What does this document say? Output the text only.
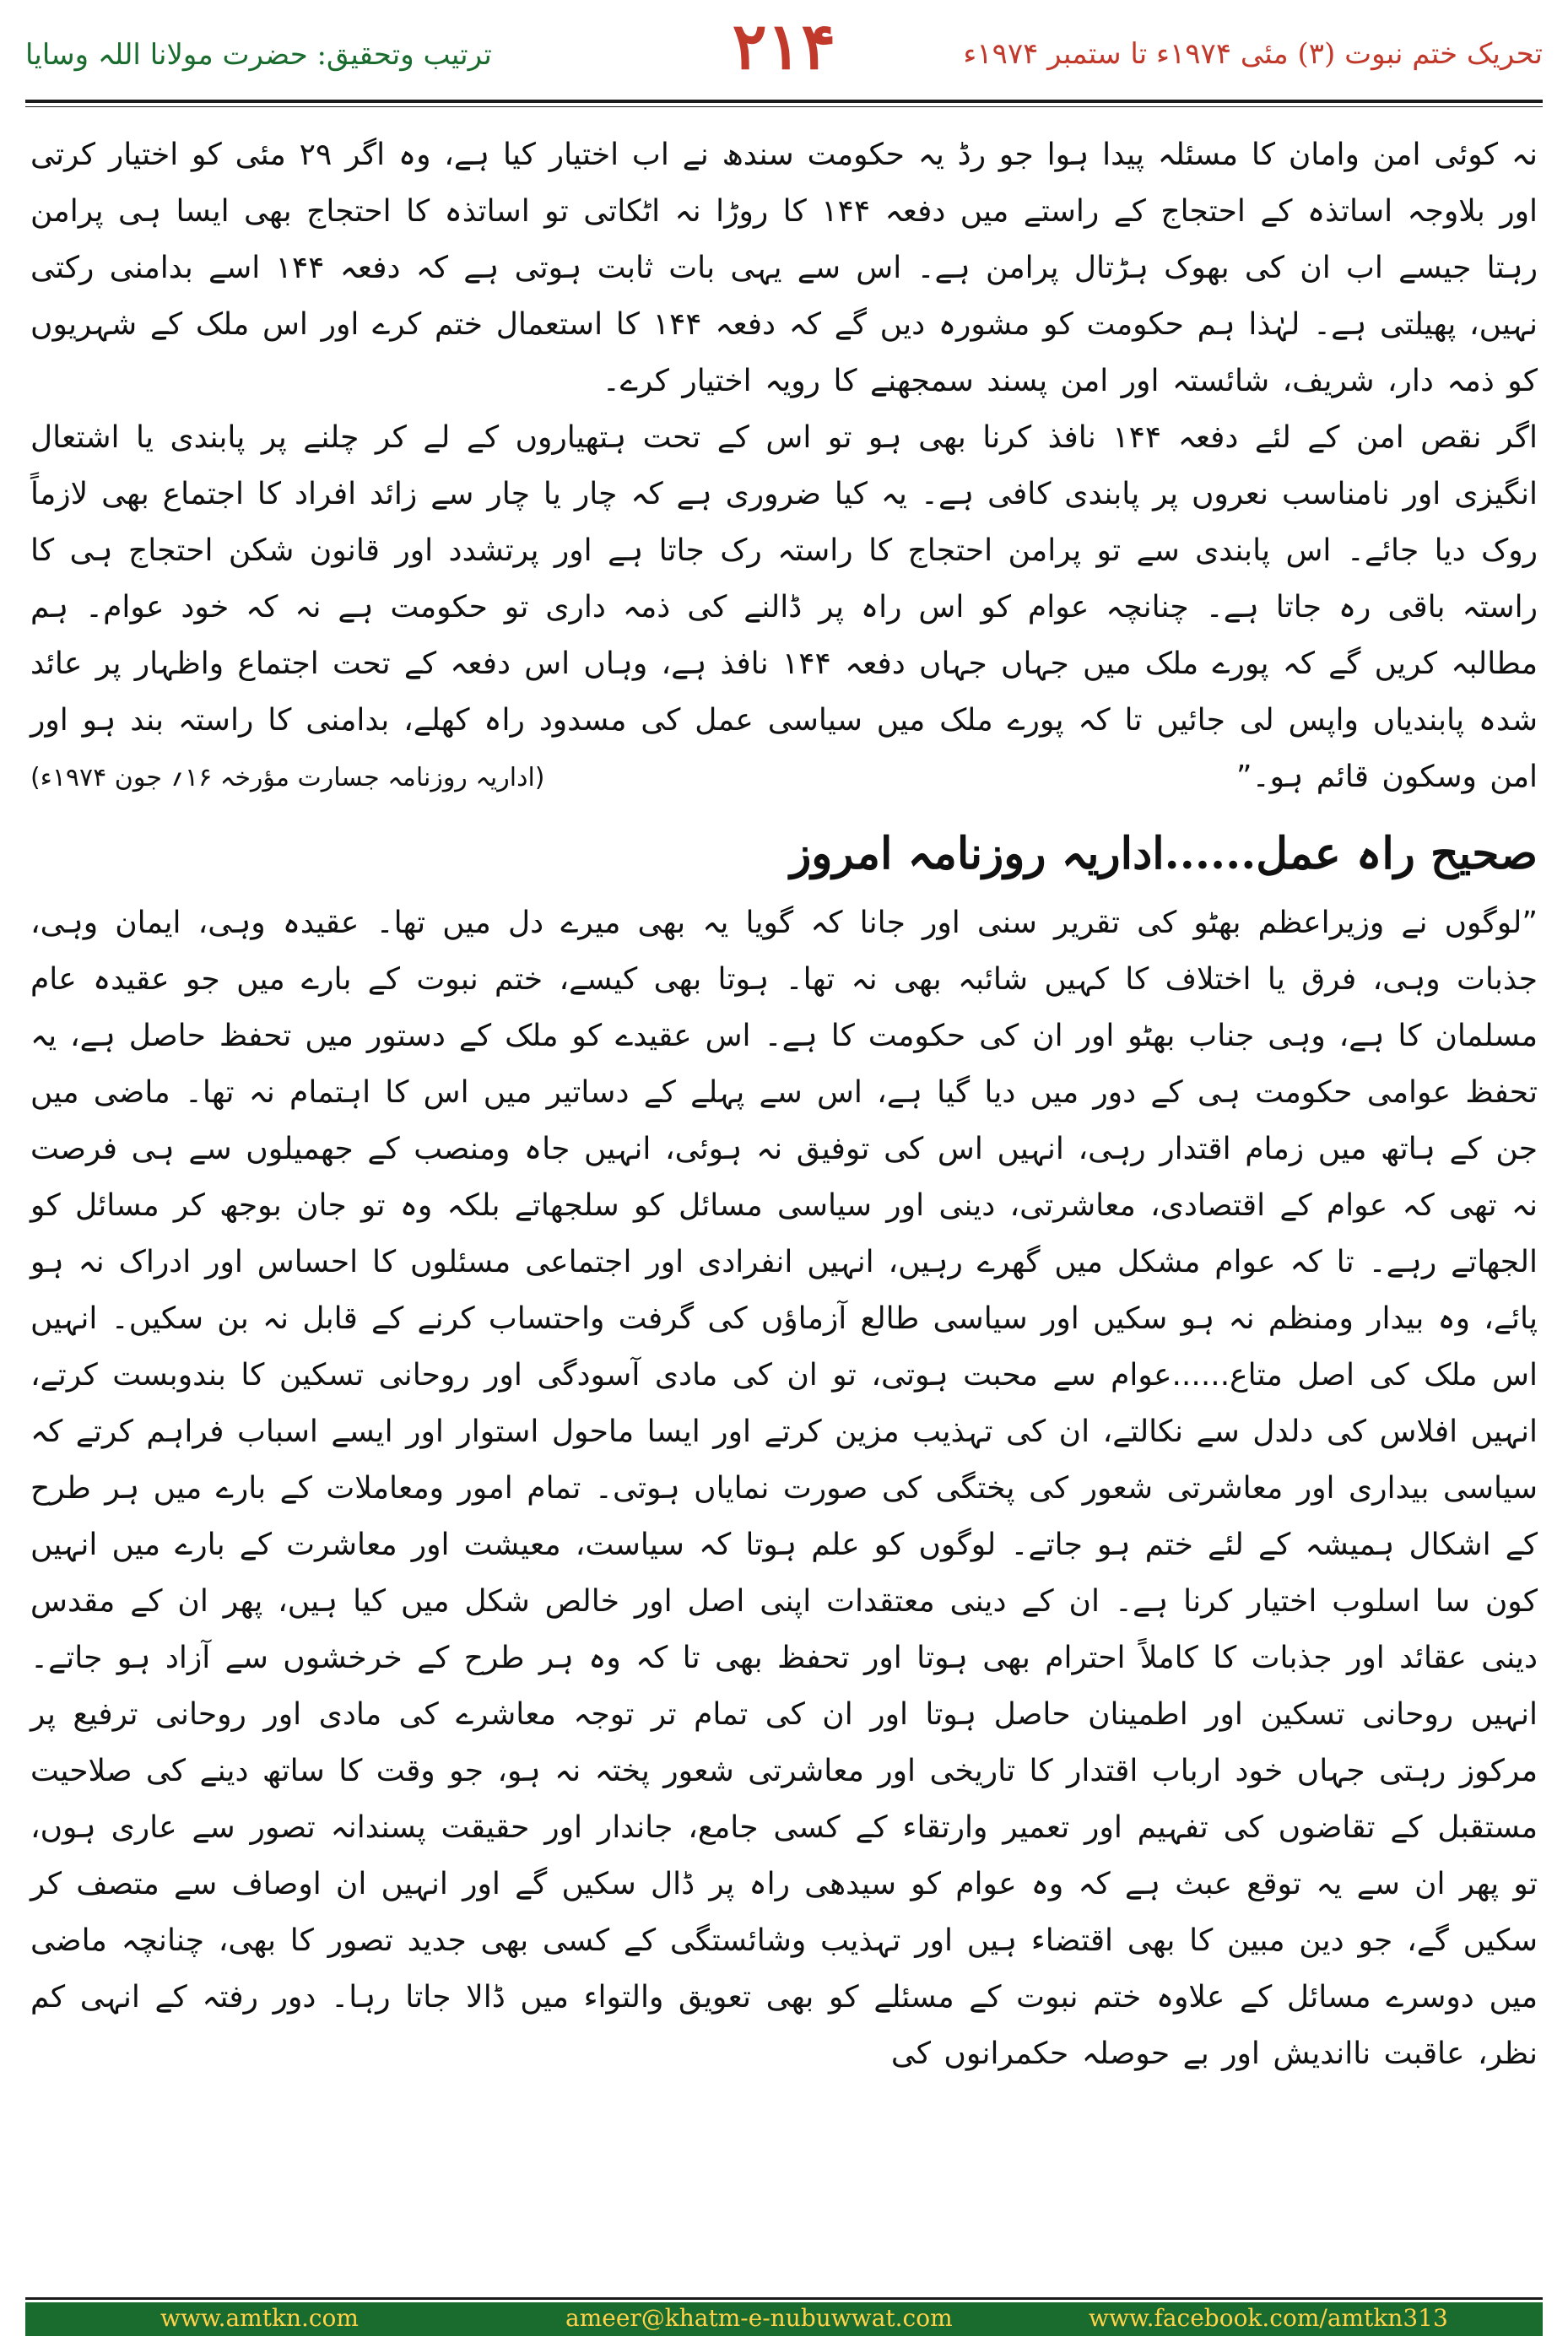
ترتیب وتحقیق: حضرت مولانا اللہ وسایا	۲۱۴	تحریک ختم نبوت (۳) مئی ۱۹۷۴ء تا ستمبر ۱۹۷۴ء

نہ کوئی امن وامان کا مسئلہ پیدا ہوا جو رڈ یہ حکومت سندھ نے اب اختیار کیا ہے، وہ اگر ۲۹ مئی کو اختیار کرتی اور بلاوجہ اساتذہ کے احتجاج کے راستے میں دفعہ ۱۴۴ کا روڑا نہ اٹکاتی تو اساتذہ کا احتجاج بھی ایسا ہی پرامن رہتا جیسے اب ان کی بھوک ہڑتال پرامن ہے۔ اس سے یہی بات ثابت ہوتی ہے کہ دفعہ ۱۴۴ اسے بدامنی رکتی نہیں، پھیلتی ہے۔ لہٰذا ہم حکومت کو مشورہ دیں گے کہ دفعہ ۱۴۴ کا استعمال ختم کرے اور اس ملک کے شہریوں کو ذمہ دار، شریف، شائستہ اور امن پسند سمجھنے کا رویہ اختیار کرے۔

اگر نقص امن کے لئے دفعہ ۱۴۴ نافذ کرنا بھی ہو تو اس کے تحت ہتھیاروں کے لے کر چلنے پر پابندی یا اشتعال انگیزی اور نامناسب نعروں پر پابندی کافی ہے۔ یہ کیا ضروری ہے کہ چار یا چار سے زائد افراد کا اجتماع بھی لازماً روک دیا جائے۔ اس پابندی سے تو پرامن احتجاج کا راستہ رک جاتا ہے اور پرتشدد اور قانون شکن احتجاج ہی کا راستہ باقی رہ جاتا ہے۔ چنانچہ عوام کو اس راہ پر ڈالنے کی ذمہ داری تو حکومت ہے نہ کہ خود عوام۔ ہم مطالبہ کریں گے کہ پورے ملک میں جہاں جہاں دفعہ ۱۴۴ نافذ ہے، وہاں اس دفعہ کے تحت اجتماع واظہار پر عائد شدہ پابندیاں واپس لی جائیں تا کہ پورے ملک میں سیاسی عمل کی مسدود راہ کھلے، بدامنی کا راستہ بند ہو اور امن وسکون قائم ہو۔”

(اداریہ روزنامہ جسارت مؤرخہ ۱۶؍ جون ۱۹۷۴ء)
صحیح راہ عمل......اداریہ روزنامہ امروز

”لوگوں نے وزیراعظم بھٹو کی تقریر سنی اور جانا کہ گویا یہ بھی میرے دل میں تھا۔ عقیدہ وہی، ایمان وہی، جذبات وہی، فرق یا اختلاف کا کہیں شائبہ بھی نہ تھا۔ ہوتا بھی کیسے، ختم نبوت کے بارے میں جو عقیدہ عام مسلمان کا ہے، وہی جناب بھٹو اور ان کی حکومت کا ہے۔ اس عقیدے کو ملک کے دستور میں تحفظ حاصل ہے، یہ تحفظ عوامی حکومت ہی کے دور میں دیا گیا ہے، اس سے پہلے کے دساتیر میں اس کا اہتمام نہ تھا۔ ماضی میں جن کے ہاتھ میں زمام اقتدار رہی، انہیں اس کی توفیق نہ ہوئی، انہیں جاہ ومنصب کے جھمیلوں سے ہی فرصت نہ تھی کہ عوام کے اقتصادی، معاشرتی، دینی اور سیاسی مسائل کو سلجھاتے بلکہ وہ تو جان بوجھ کر مسائل کو الجھاتے رہے۔ تا کہ عوام مشکل میں گھرے رہیں، انہیں انفرادی اور اجتماعی مسئلوں کا احساس اور ادراک نہ ہو پائے، وہ بیدار ومنظم نہ ہو سکیں اور سیاسی طالع آزماؤں کی گرفت واحتساب کرنے کے قابل نہ بن سکیں۔ انہیں اس ملک کی اصل متاع......عوام سے محبت ہوتی، تو ان کی مادی آسودگی اور روحانی تسکین کا بندوبست کرتے، انہیں افلاس کی دلدل سے نکالتے، ان کی تہذیب مزین کرتے اور ایسا ماحول استوار اور ایسے اسباب فراہم کرتے کہ سیاسی بیداری اور معاشرتی شعور کی پختگی کی صورت نمایاں ہوتی۔ تمام امور ومعاملات کے بارے میں ہر طرح کے اشکال ہمیشہ کے لئے ختم ہو جاتے۔ لوگوں کو علم ہوتا کہ سیاست، معیشت اور معاشرت کے بارے میں انہیں کون سا اسلوب اختیار کرنا ہے۔ ان کے دینی معتقدات اپنی اصل اور خالص شکل میں کیا ہیں، پھر ان کے مقدس دینی عقائد اور جذبات کا کاملاً احترام بھی ہوتا اور تحفظ بھی تا کہ وہ ہر طرح کے خرخشوں سے آزاد ہو جاتے۔ انہیں روحانی تسکین اور اطمینان حاصل ہوتا اور ان کی تمام تر توجہ معاشرے کی مادی اور روحانی ترفیع پر مرکوز رہتی جہاں خود ارباب اقتدار کا تاریخی اور معاشرتی شعور پختہ نہ ہو، جو وقت کا ساتھ دینے کی صلاحیت مستقبل کے تقاضوں کی تفہیم اور تعمیر وارتقاء کے کسی جامع، جاندار اور حقیقت پسندانہ تصور سے عاری ہوں، تو پھر ان سے یہ توقع عبث ہے کہ وہ عوام کو سیدھی راہ پر ڈال سکیں گے اور انہیں ان اوصاف سے متصف کر سکیں گے، جو دین مبین کا بھی اقتضاء ہیں اور تہذیب وشائستگی کے کسی بھی جدید تصور کا بھی، چنانچہ ماضی میں دوسرے مسائل کے علاوہ ختم نبوت کے مسئلے کو بھی تعویق والتواء میں ڈالا جاتا رہا۔ دور رفتہ کے انہی کم نظر، عاقبت نااندیش اور بے حوصلہ حکمرانوں کی

www.amtkn.com	ameer@khatm-e-nubuwwat.com	www.facebook.com/amtkn313
